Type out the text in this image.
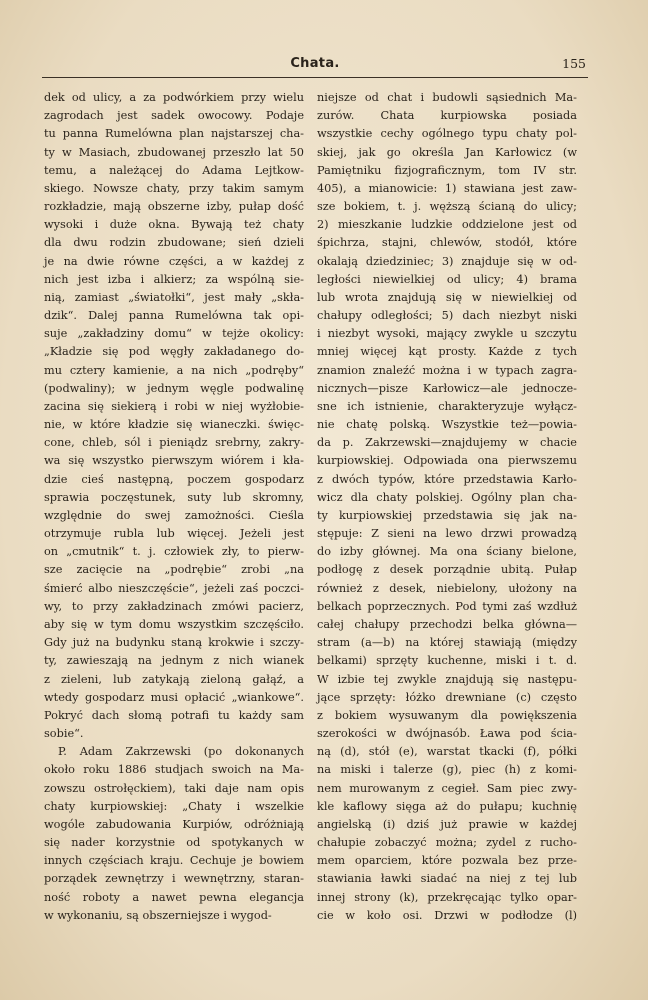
Chata.	155
dek od ulicy, a za podwórkiem przy wielu
zagrodach jest sadek owocowy. Podaje
tu panna Rumelówna plan najstarszej cha-
ty w Masiach, zbudowanej przeszło lat 50
temu, a należącej do Adama Lejtkow-
skiego. Nowsze chaty, przy takim samym
rozkładzie, mają obszerne izby, pułap dość
wysoki i duże okna. Bywają też chaty
dla dwu rodzin zbudowane; sień dzieli
je na dwie równe części, a w każdej z
nich jest izba i alkierz; za wspólną sie-
nią, zamiast „światołki“, jest mały „skła-
dzik“. Dalej panna Rumelówna tak opi-
suje „zakładziny domu“ w tejże okolicy:
„Kładzie się pod węgły zakładanego do-
mu cztery kamienie, a na nich „podręby“
(podwaliny); w jednym węgle podwalinę
zacina się siekierą i robi w niej wyżłobie-
nie, w które kładzie się wianeczki. święc-
cone, chleb, sól i pieniądz srebrny, zakry-
wa się wszystko pierwszym wiórem i kła-
dzie cieś następną, poczem gospodarz
sprawia poczęstunek, suty lub skromny,
względnie do swej zamożności. Cieśla
otrzymuje rubla lub więcej. Jeżeli jest
on „cmutnik“ t. j. człowiek zły, to pierw-
sze zacięcie na „podrębie“ zrobi „na
śmierć albo nieszczęście“, jeżeli zaś poczci-
wy, to przy zakładzinach zmówi pacierz,
aby się w tym domu wszystkim szczęściło.
Gdy już na budynku staną krokwie i szczy-
ty, zawieszają na jednym z nich wianek
z zieleni, lub zatykają zieloną gałąź, a
wtedy gospodarz musi opłacić „wiankowe“.
Pokryć dach słomą potrafi tu każdy sam
sobie“.
P. Adam Zakrzewski (po dokonanych
około roku 1886 studjach swoich na Ma-
zowszu ostrołęckiem), taki daje nam opis
chaty kurpiowskiej: „Chaty i wszelkie
wogóle zabudowania Kurpiów, odróżniają
się nader korzystnie od spotykanych w
innych częściach kraju. Cechuje je bowiem
porządek zewnętrzy i wewnętrzny, staran-
ność roboty a nawet pewna elegancja
w wykonaniu, są obszerniejsze i wygod-
niejsze od chat i budowli sąsiednich Ma-
zurów. Chata kurpiowska posiada
wszystkie cechy ogólnego typu chaty pol-
skiej, jak go określa Jan Karłowicz (w
Pamiętniku fizjograficznym, tom IV str.
405), a mianowicie: 1) stawiana jest zaw-
sze bokiem, t. j. węższą ścianą do ulicy;
2) mieszkanie ludzkie oddzielone jest od
śpichrza, stajni, chlewów, stodół, które
okalają dziedziniec; 3) znajduje się w od-
ległości niewielkiej od ulicy; 4) brama
lub wrota znajdują się w niewielkiej od
chałupy odległości; 5) dach niezbyt niski
i niezbyt wysoki, mający zwykle u szczytu
mniej więcej kąt prosty. Każde z tych
znamion znaleźć można i w typach zagra-
nicznych—pisze Karłowicz—ale jednocze-
sne ich istnienie, charakteryzuje wyłącz-
nie chatę polską. Wszystkie też—powia-
da p. Zakrzewski—znajdujemy w chacie
kurpiowskiej. Odpowiada ona pierwszemu
z dwóch typów, które przedstawia Karło-
wicz dla chaty polskiej. Ogólny plan cha-
ty kurpiowskiej przedstawia się jak na-
stępuje: Z sieni na lewo drzwi prowadzą
do izby głównej. Ma ona ściany bielone,
podłogę z desek porządnie ubitą. Pułap
również z desek, niebielony, ułożony na
belkach poprzecznych. Pod tymi zaś wzdłuż
całej chałupy przechodzi belka główna—
stram (a—b) na której stawiają (między
belkami) sprzęty kuchenne, miski i t. d.
W izbie tej zwykle znajdują się następu-
jące sprzęty: łóżko drewniane (c) często
z bokiem wysuwanym dla powiększenia
szerokości w dwójnasób. Ława pod ścia-
ną (d), stół (e), warstat tkacki (f), półki
na miski i talerze (g), piec (h) z komi-
nem murowanym z cegieł. Sam piec zwy-
kle kaflowy sięga aż do pułapu; kuchnię
angielską (i) dziś już prawie w każdej
chałupie zobaczyć można; zydel z rucho-
mem oparciem, które pozwala bez prze-
stawiania ławki siadać na niej z tej lub
innej strony (k), przekręcając tylko opar-
cie w koło osi. Drzwi w podłodze (l)
